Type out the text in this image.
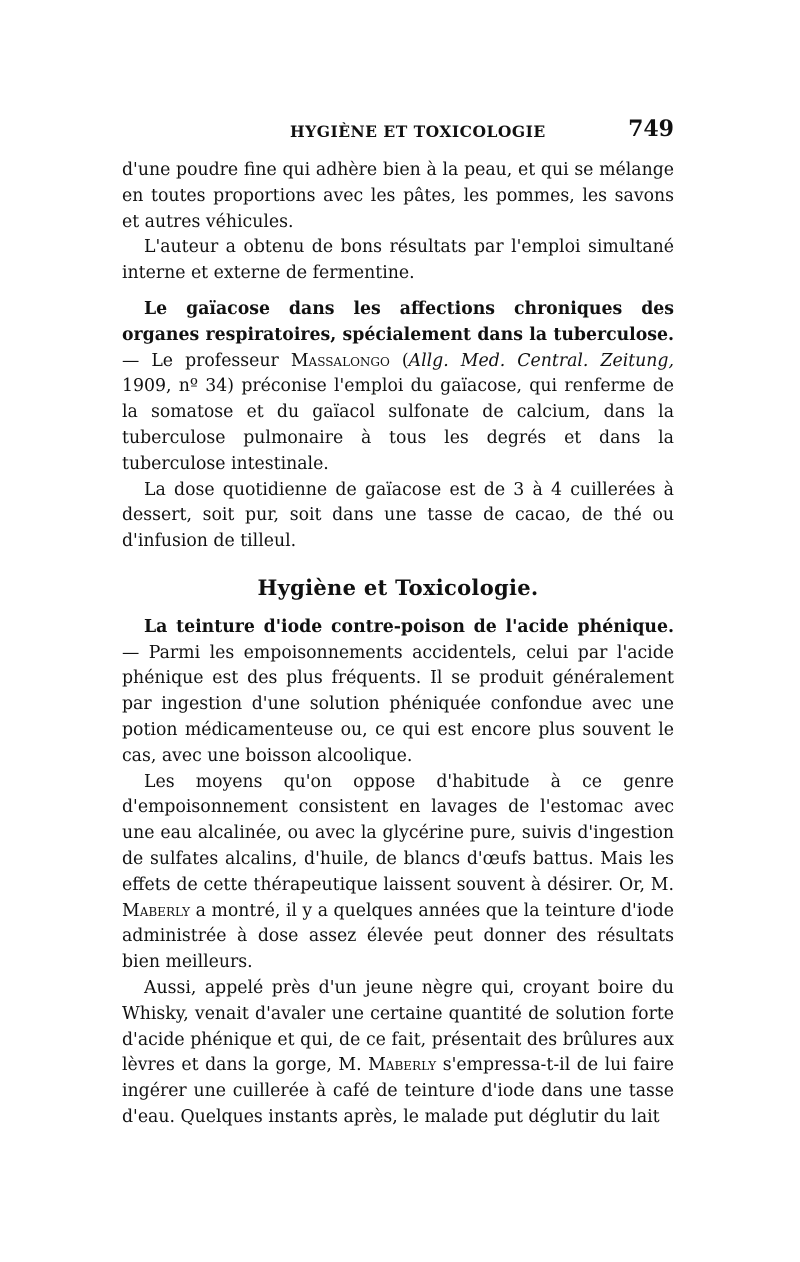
HYGIÈNE ET TOXICOLOGIE	749

d'une poudre fine qui adhère bien à la peau, et qui se mélange en toutes proportions avec les pâtes, les pommes, les savons et autres véhicules.

L'auteur a obtenu de bons résultats par l'emploi simultané interne et externe de fermentine.

Le gaïacose dans les affections chroniques des organes respiratoires, spécialement dans la tuberculose. — Le professeur Massalongo (Allg. Med. Central. Zeitung, 1909, nº 34) préconise l'emploi du gaïacose, qui renferme de la somatose et du gaïacol sulfonate de calcium, dans la tuberculose pulmonaire à tous les degrés et dans la tuberculose intestinale.

La dose quotidienne de gaïacose est de 3 à 4 cuillerées à dessert, soit pur, soit dans une tasse de cacao, de thé ou d'infusion de tilleul.

Hygiène et Toxicologie.

La teinture d'iode contre-poison de l'acide phénique. — Parmi les empoisonnements accidentels, celui par l'acide phénique est des plus fréquents. Il se produit généralement par ingestion d'une solution phéniquée confondue avec une potion médicamenteuse ou, ce qui est encore plus souvent le cas, avec une boisson alcoolique.

Les moyens qu'on oppose d'habitude à ce genre d'empoisonnement consistent en lavages de l'estomac avec une eau alcalinée, ou avec la glycérine pure, suivis d'ingestion de sulfates alcalins, d'huile, de blancs d'œufs battus. Mais les effets de cette thérapeutique laissent souvent à désirer. Or, M. Maberly a montré, il y a quelques années que la teinture d'iode administrée à dose assez élevée peut donner des résultats bien meilleurs.

Aussi, appelé près d'un jeune nègre qui, croyant boire du Whisky, venait d'avaler une certaine quantité de solution forte d'acide phénique et qui, de ce fait, présentait des brûlures aux lèvres et dans la gorge, M. Maberly s'empressa-t-il de lui faire ingérer une cuillerée à café de teinture d'iode dans une tasse d'eau. Quelques instants après, le malade put déglutir du lait
